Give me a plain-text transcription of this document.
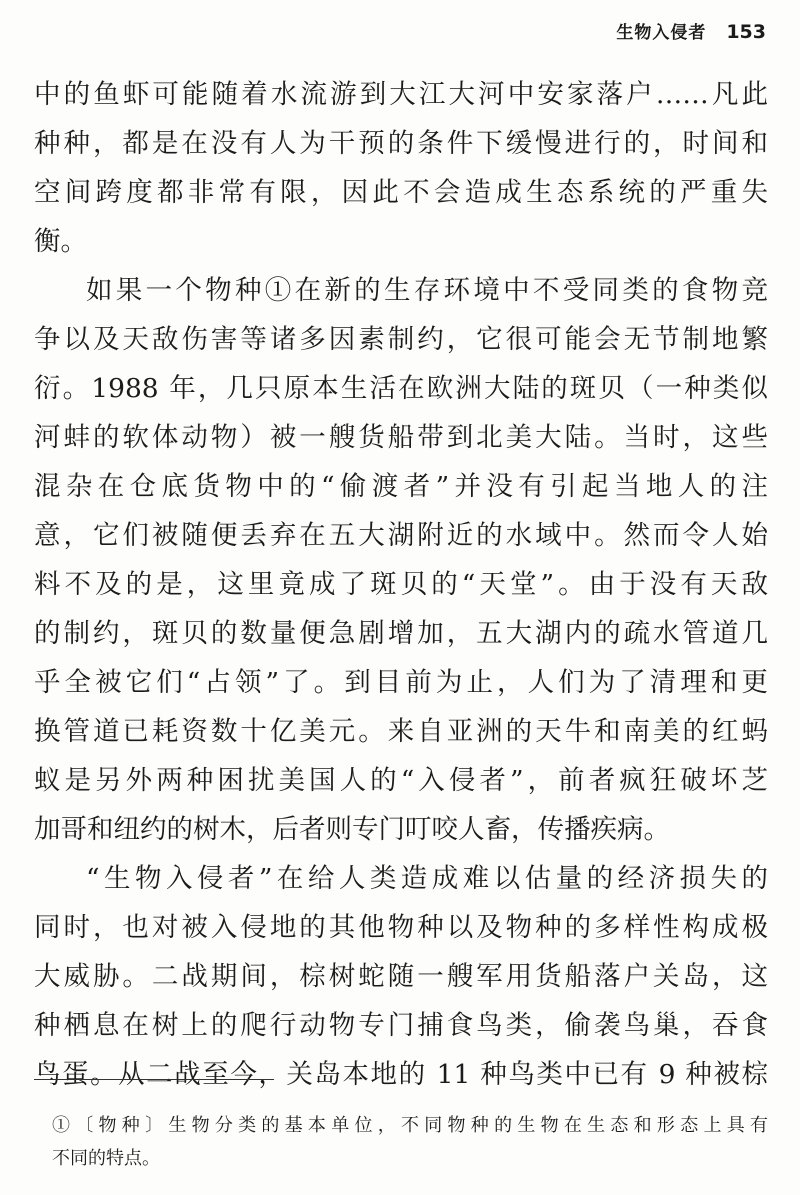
生物入侵者 153
中的鱼虾可能随着水流游到大江大河中安家落户……凡此
种种，都是在没有人为干预的条件下缓慢进行的，时间和
空间跨度都非常有限，因此不会造成生态系统的严重失
衡。
如果一个物种①在新的生存环境中不受同类的食物竞
争以及天敌伤害等诸多因素制约，它很可能会无节制地繁
衍。1988 年，几只原本生活在欧洲大陆的斑贝（一种类似
河蚌的软体动物）被一艘货船带到北美大陆。当时，这些
混杂在仓底货物中的“偷渡者”并没有引起当地人的注
意，它们被随便丢弃在五大湖附近的水域中。然而令人始
料不及的是，这里竟成了斑贝的“天堂”。由于没有天敌
的制约，斑贝的数量便急剧增加，五大湖内的疏水管道几
乎全被它们“占领”了。到目前为止，人们为了清理和更
换管道已耗资数十亿美元。来自亚洲的天牛和南美的红蚂
蚁是另外两种困扰美国人的“入侵者”，前者疯狂破坏芝
加哥和纽约的树木，后者则专门叮咬人畜，传播疾病。
“生物入侵者”在给人类造成难以估量的经济损失的
同时，也对被入侵地的其他物种以及物种的多样性构成极
大威胁。二战期间，棕树蛇随一艘军用货船落户关岛，这
种栖息在树上的爬行动物专门捕食鸟类，偷袭鸟巢，吞食
鸟蛋。从二战至今，关岛本地的 11 种鸟类中已有 9 种被棕
①〔物种〕生物分类的基本单位，不同物种的生物在生态和形态上具有
不同的特点。
